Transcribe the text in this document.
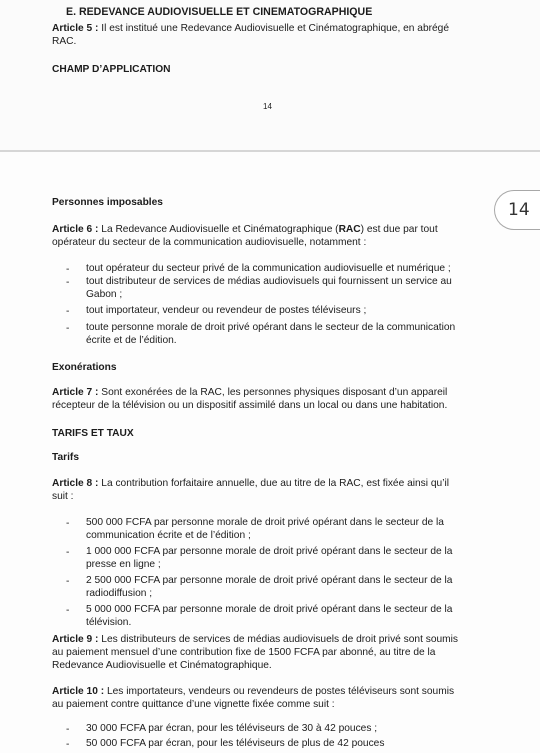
E. REDEVANCE AUDIOVISUELLE ET CINEMATOGRAPHIQUE
Article 5 : Il est institué une Redevance Audiovisuelle et Cinématographique, en abrégé
RAC.
CHAMP D’APPLICATION
14
14
Personnes imposables
Article 6 : La Redevance Audiovisuelle et Cinématographique (RAC) est due par tout
opérateur du secteur de la communication audiovisuelle, notamment :
- tout opérateur du secteur privé de la communication audiovisuelle et numérique ;
- tout distributeur de services de médias audiovisuels qui fournissent un service au
Gabon ;
- tout importateur, vendeur ou revendeur de postes téléviseurs ;
- toute personne morale de droit privé opérant dans le secteur de la communication
écrite et de l’édition.
Exonérations
Article 7 : Sont exonérées de la RAC, les personnes physiques disposant d’un appareil
récepteur de la télévision ou un dispositif assimilé dans un local ou dans une habitation.
TARIFS ET TAUX
Tarifs
Article 8 : La contribution forfaitaire annuelle, due au titre de la RAC, est fixée ainsi qu’il
suit :
- 500 000 FCFA par personne morale de droit privé opérant dans le secteur de la
communication écrite et de l’édition ;
- 1 000 000 FCFA par personne morale de droit privé opérant dans le secteur de la
presse en ligne ;
- 2 500 000 FCFA par personne morale de droit privé opérant dans le secteur de la
radiodiffusion ;
- 5 000 000 FCFA par personne morale de droit privé opérant dans le secteur de la
télévision.
Article 9 : Les distributeurs de services de médias audiovisuels de droit privé sont soumis
au paiement mensuel d’une contribution fixe de 1500 FCFA par abonné, au titre de la
Redevance Audiovisuelle et Cinématographique.
Article 10 : Les importateurs, vendeurs ou revendeurs de postes téléviseurs sont soumis
au paiement contre quittance d’une vignette fixée comme suit :
- 30 000 FCFA par écran, pour les téléviseurs de 30 à 42 pouces ;
- 50 000 FCFA par écran, pour les téléviseurs de plus de 42 pouces
